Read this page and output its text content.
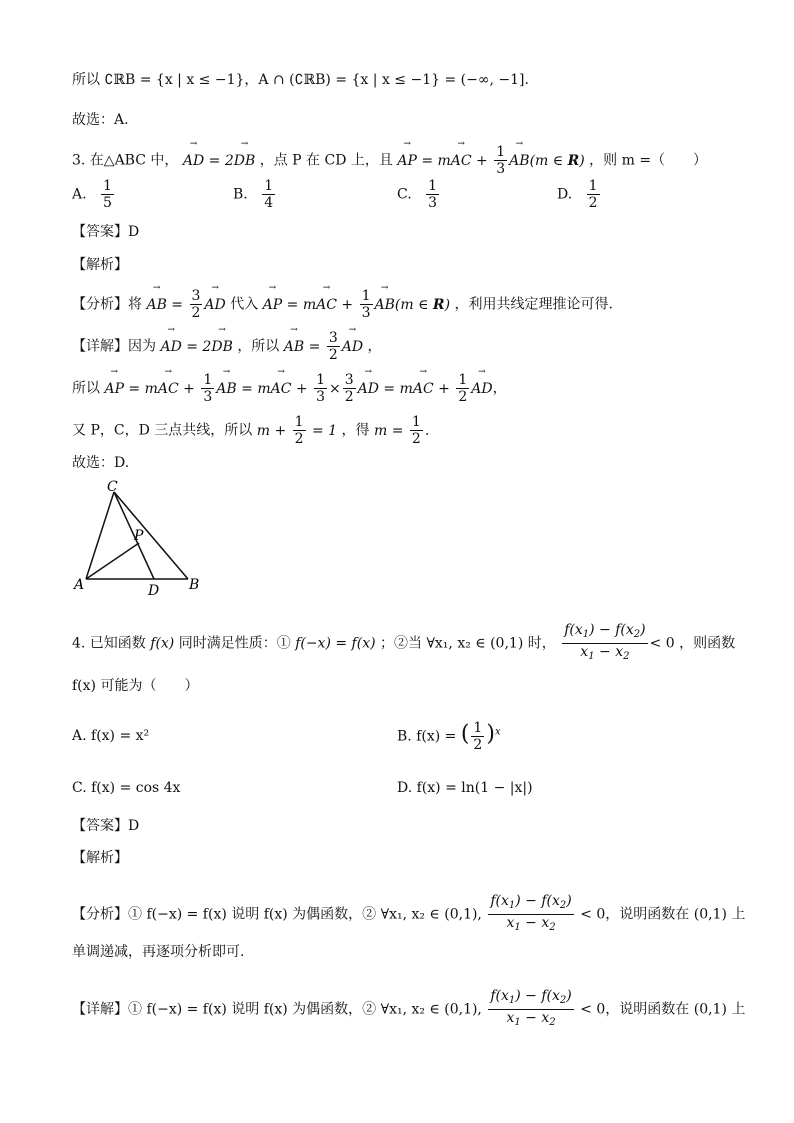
所以 ∁ℝB = {x | x ≤ −1}，A ∩ (∁ℝB) = {x | x ≤ −1} = (−∞, −1].
故选：A.
3. 在△ABC 中， → AD = 2→ DB ，点 P 在 CD 上，且 → AP = m→ AC + $\frac{1}{3}$
→ AB(m ∈ R) ，则 m =（　　）
A. $\frac{1}{5}$	B. $\frac{1}{4}$	C. $\frac{1}{3}$	D. $\frac{1}{2}$
【答案】D
【解析】
【分析】将 → AB = $\frac{3}{2}$
→ AD 代入 → AP = m→ AC + $\frac{1}{3}$
→ AB(m ∈ R) ，利用共线定理推论可得.
【详解】因为 → AD = 2→ DB ，所以 → AB = $\frac{3}{2}$
→ AD ，
所以 → AP = m→ AC + $\frac{1}{3}$
→ AB = m→ AC + $\frac{1}{3} \times \frac{3}{2}$
→ AD = m→ AC + $\frac{1}{2}$
→ AD，
又 P，C，D 三点共线，所以 $m + \frac{1}{2} = 1$ ，得 $m = \frac{1}{2}$ .
故选：D.
C
P
A	D B
4. 已知函数 f(x) 同时满足性质：① f(−x) = f(x) ；②当 ∀x₁, x₂ ∈ (0,1) 时， $\frac{f(x_1) - f(x_2)}{x_1 - x_2} < 0$ ，则函数
f(x) 可能为（　　）
A. f(x) = x²	B. f(x) = ( $\frac{1}{2} )^x$
C. f(x) = cos 4x	D. f(x) = ln(1 − |x|)
【答案】D
【解析】
【分析】① f(−x) = f(x) 说明 f(x) 为偶函数，② ∀x₁, x₂ ∈ (0,1), $\frac{f(x_1) - f(x_2)}{x_1 - x_2} < 0$，说明函数在 (0,1) 上
单调递减，再逐项分析即可.
【详解】① f(−x) = f(x) 说明 f(x) 为偶函数，② ∀x₁, x₂ ∈ (0,1), $\frac{f(x_1) - f(x_2)}{x_1 - x_2} < 0$，说明函数在 (0,1) 上
